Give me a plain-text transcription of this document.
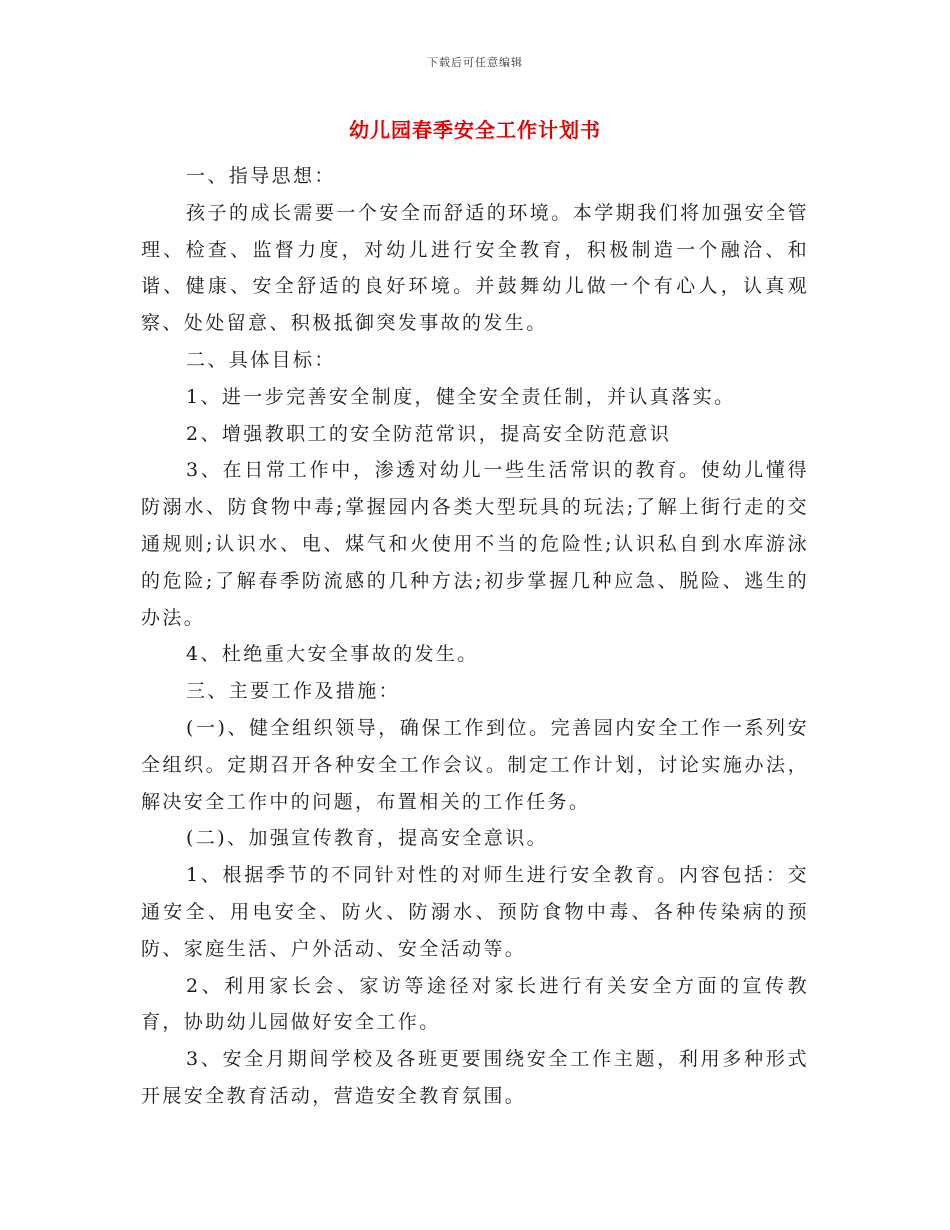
下载后可任意编辑
幼儿园春季安全工作计划书

一、指导思想：

孩子的成长需要一个安全而舒适的环境。本学期我们将加强安全管理、检查、监督力度，对幼儿进行安全教育，积极制造一个融洽、和谐、健康、安全舒适的良好环境。并鼓舞幼儿做一个有心人，认真观察、处处留意、积极抵御突发事故的发生。

二、具体目标：

1、进一步完善安全制度，健全安全责任制，并认真落实。

2、增强教职工的安全防范常识，提高安全防范意识

3、在日常工作中，渗透对幼儿一些生活常识的教育。使幼儿懂得防溺水、防食物中毒;掌握园内各类大型玩具的玩法;了解上街行走的交通规则;认识水、电、煤气和火使用不当的危险性;认识私自到水库游泳的危险;了解春季防流感的几种方法;初步掌握几种应急、脱险、逃生的办法。

4、杜绝重大安全事故的发生。

三、主要工作及措施：

(一)、健全组织领导，确保工作到位。完善园内安全工作一系列安全组织。定期召开各种安全工作会议。制定工作计划，讨论实施办法，解决安全工作中的问题，布置相关的工作任务。

(二)、加强宣传教育，提高安全意识。

1、根据季节的不同针对性的对师生进行安全教育。内容包括：交通安全、用电安全、防火、防溺水、预防食物中毒、各种传染病的预防、家庭生活、户外活动、安全活动等。

2、利用家长会、家访等途径对家长进行有关安全方面的宣传教育，协助幼儿园做好安全工作。

3、安全月期间学校及各班更要围绕安全工作主题，利用多种形式开展安全教育活动，营造安全教育氛围。
